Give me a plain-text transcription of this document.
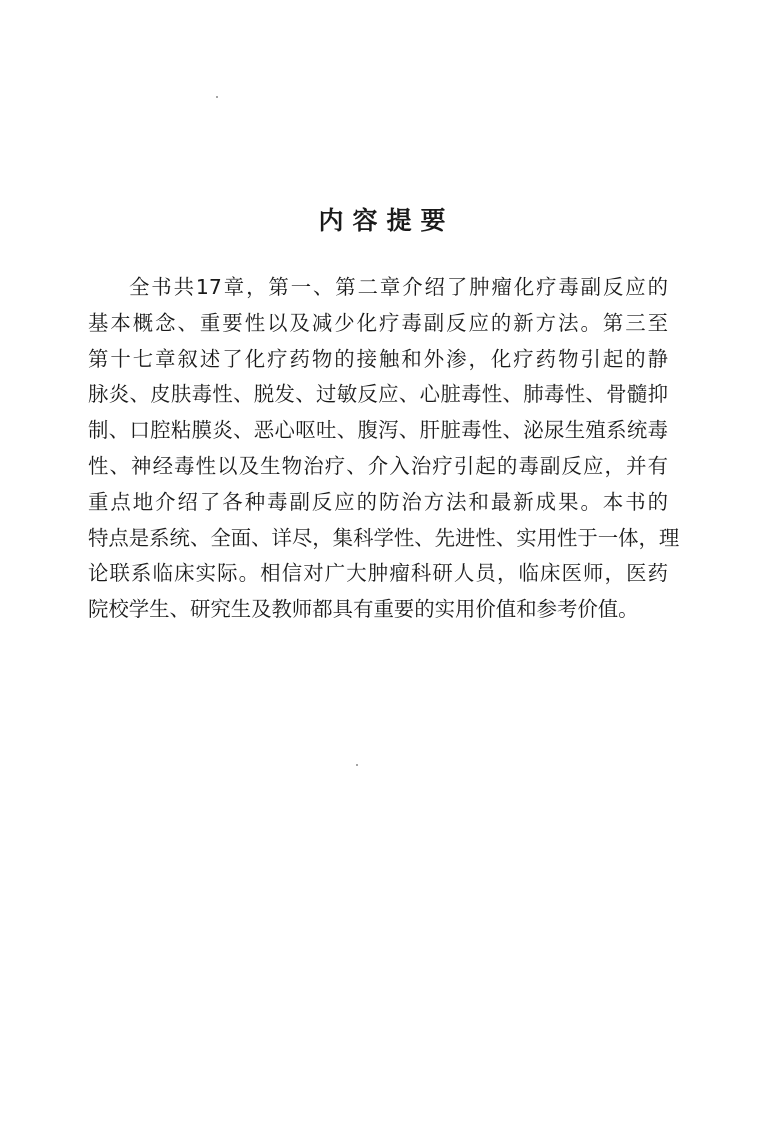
内容提要
全书共17章，第一、第二章介绍了肿瘤化疗毒副反应的
基本概念、重要性以及减少化疗毒副反应的新方法。第三至
第十七章叙述了化疗药物的接触和外渗，化疗药物引起的静
脉炎、皮肤毒性、脱发、过敏反应、心脏毒性、肺毒性、骨髓抑
制、口腔粘膜炎、恶心呕吐、腹泻、肝脏毒性、泌尿生殖系统毒
性、神经毒性以及生物治疗、介入治疗引起的毒副反应，并有
重点地介绍了各种毒副反应的防治方法和最新成果。本书的
特点是系统、全面、详尽，集科学性、先进性、实用性于一体，理
论联系临床实际。相信对广大肿瘤科研人员，临床医师，医药
院校学生、研究生及教师都具有重要的实用价值和参考价值。
